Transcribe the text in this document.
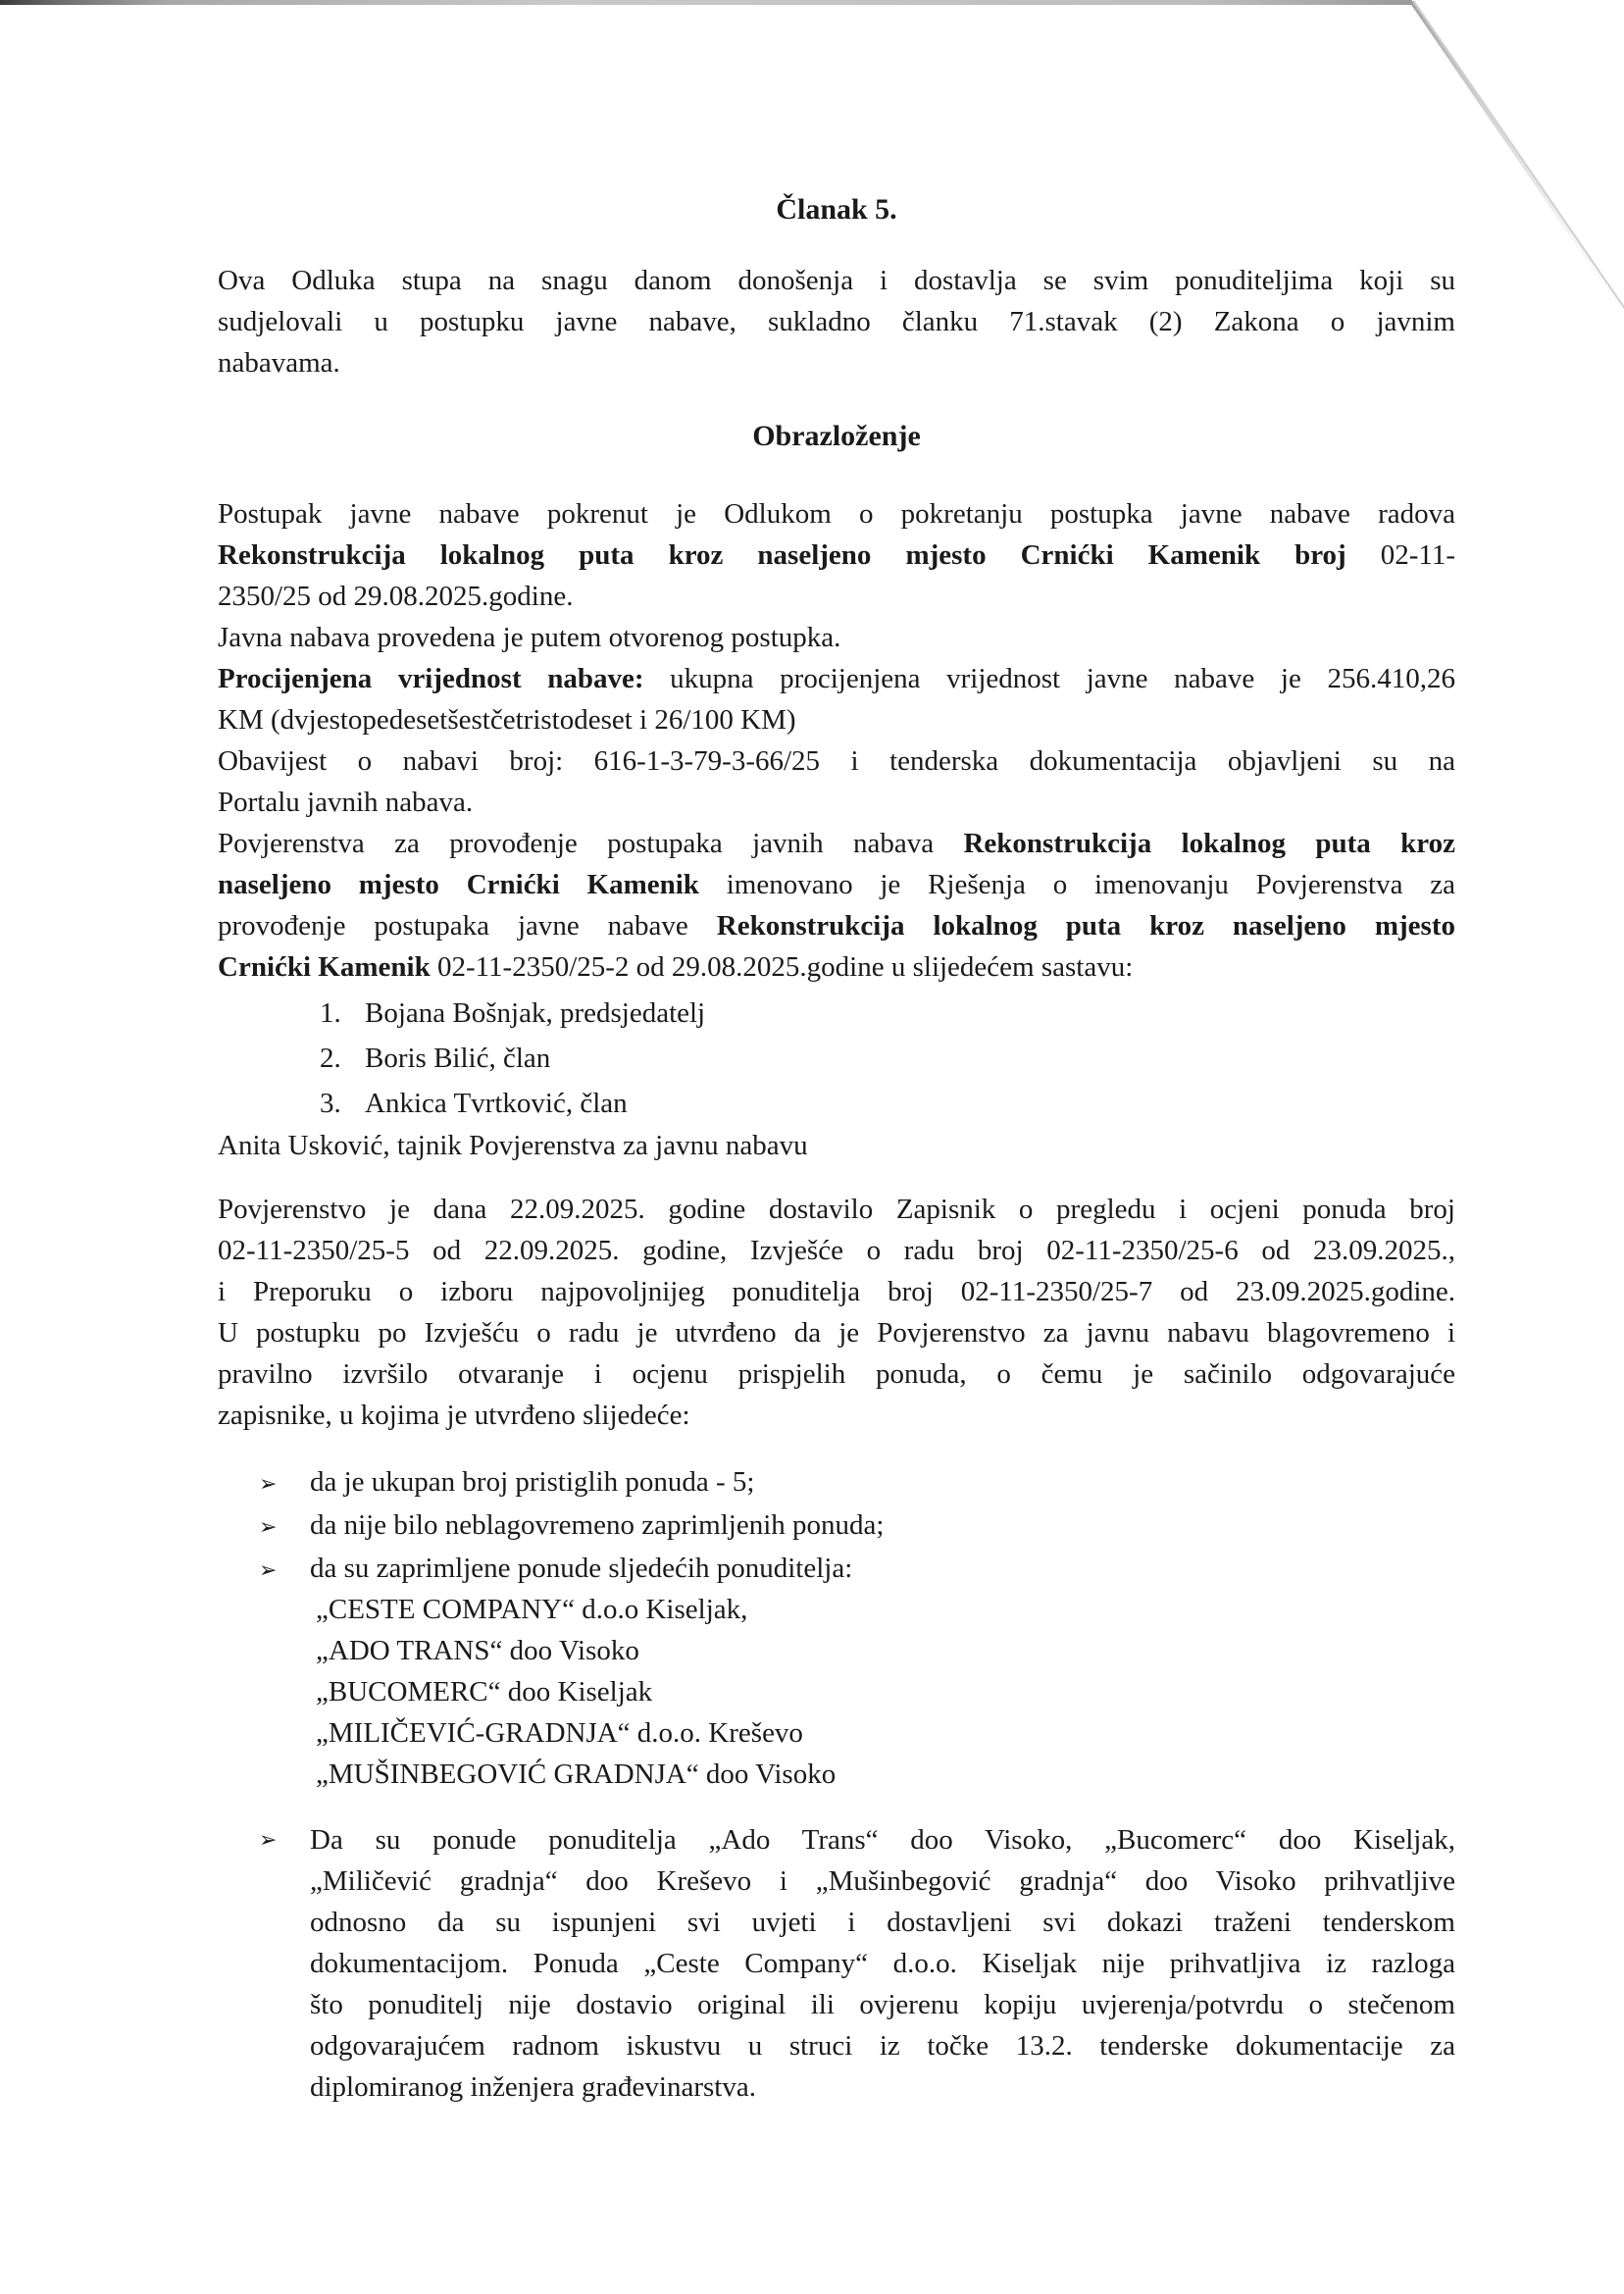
Članak 5.
Ova Odluka stupa na snagu danom donošenja i dostavlja se svim ponuditeljima koji su
sudjelovali u postupku javne nabave, sukladno članku 71.stavak (2) Zakona o javnim
nabavama.
Obrazloženje
Postupak javne nabave pokrenut je Odlukom o pokretanju postupka javne nabave radova
Rekonstrukcija lokalnog puta kroz naseljeno mjesto Crnićki Kamenik broj 02-11-
2350/25 od 29.08.2025.godine.
Javna nabava provedena je putem otvorenog postupka.
Procijenjena vrijednost nabave: ukupna procijenjena vrijednost javne nabave je 256.410,26
KM (dvjestopedesetšestčetristodeset i 26/100 KM)
Obavijest o nabavi broj: 616-1-3-79-3-66/25 i tenderska dokumentacija objavljeni su na
Portalu javnih nabava.
Povjerenstva za provođenje postupaka javnih nabava Rekonstrukcija lokalnog puta kroz
naseljeno mjesto Crnićki Kamenik imenovano je Rješenja o imenovanju Povjerenstva za
provođenje postupaka javne nabave Rekonstrukcija lokalnog puta kroz naseljeno mjesto
Crnićki Kamenik 02-11-2350/25-2 od 29.08.2025.godine u slijedećem sastavu:
1. Bojana Bošnjak, predsjedatelj
2. Boris Bilić, član
3. Ankica Tvrtković, član
Anita Usković, tajnik Povjerenstva za javnu nabavu
Povjerenstvo je dana 22.09.2025. godine dostavilo Zapisnik o pregledu i ocjeni ponuda broj
02-11-2350/25-5 od 22.09.2025. godine, Izvješće o radu broj 02-11-2350/25-6 od 23.09.2025.,
i Preporuku o izboru najpovoljnijeg ponuditelja broj 02-11-2350/25-7 od 23.09.2025.godine.
U postupku po Izvješću o radu je utvrđeno da je Povjerenstvo za javnu nabavu blagovremeno i
pravilno izvršilo otvaranje i ocjenu prispjelih ponuda, o čemu je sačinilo odgovarajuće
zapisnike, u kojima je utvrđeno slijedeće:
➢	da je ukupan broj pristiglih ponuda - 5;
➢	da nije bilo neblagovremeno zaprimljenih ponuda;
➢	da su zaprimljene ponude sljedećih ponuditelja:
„CESTE COMPANY“ d.o.o Kiseljak,
„ADO TRANS“ doo Visoko
„BUCOMERC“ doo Kiseljak
„MILIČEVIĆ-GRADNJA“ d.o.o. Kreševo
„MUŠINBEGOVIĆ GRADNJA“ doo Visoko
➢	Da su ponude ponuditelja „Ado Trans“ doo Visoko, „Bucomerc“ doo Kiseljak,
„Miličević gradnja“ doo Kreševo i „Mušinbegović gradnja“ doo Visoko prihvatljive
odnosno da su ispunjeni svi uvjeti i dostavljeni svi dokazi traženi tenderskom
dokumentacijom. Ponuda „Ceste Company“ d.o.o. Kiseljak nije prihvatljiva iz razloga
što ponuditelj nije dostavio original ili ovjerenu kopiju uvjerenja/potvrdu o stečenom
odgovarajućem radnom iskustvu u struci iz točke 13.2. tenderske dokumentacije za
diplomiranog inženjera građevinarstva.
